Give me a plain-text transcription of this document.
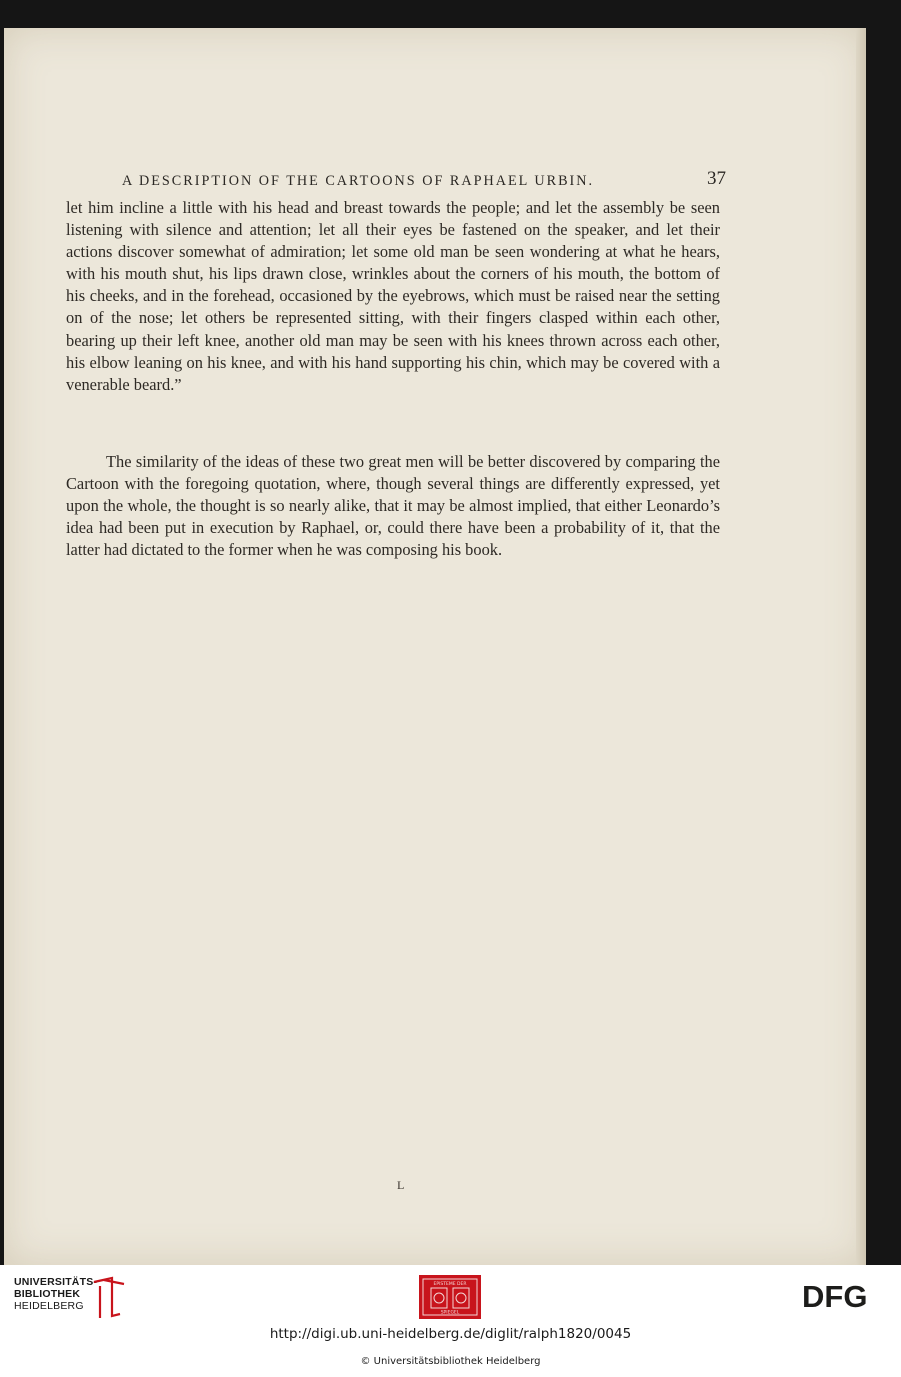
A DESCRIPTION OF THE CARTOONS OF RAPHAEL URBIN.	37
let him incline a little with his head and breast towards the people; and let the assembly be seen listening with silence and attention; let all their eyes be fastened on the speaker, and let their actions discover somewhat of admiration; let some old man be seen wondering at what he hears, with his mouth shut, his lips drawn close, wrinkles about the corners of his mouth, the bottom of his cheeks, and in the forehead, occasioned by the eyebrows, which must be raised near the setting on of the nose; let others be represented sitting, with their fingers clasped within each other, bearing up their left knee, another old man may be seen with his knees thrown across each other, his elbow leaning on his knee, and with his hand supporting his chin, which may be covered with a venerable beard.”
The similarity of the ideas of these two great men will be better discovered by comparing the Cartoon with the foregoing quotation, where, though several things are differently expressed, yet upon the whole, the thought is so nearly alike, that it may be almost implied, that either Leonardo’s idea had been put in execution by Raphael, or, could there have been a probability of it, that the latter had dictated to the former when he was composing his book.
L
UNIVERSITÄTS-
BIBLIOTHEK
HEIDELBERG
EPISTEME DER
SPIEGEL	DFG
http://digi.ub.uni-heidelberg.de/diglit/ralph1820/0045
© Universitätsbibliothek Heidelberg
